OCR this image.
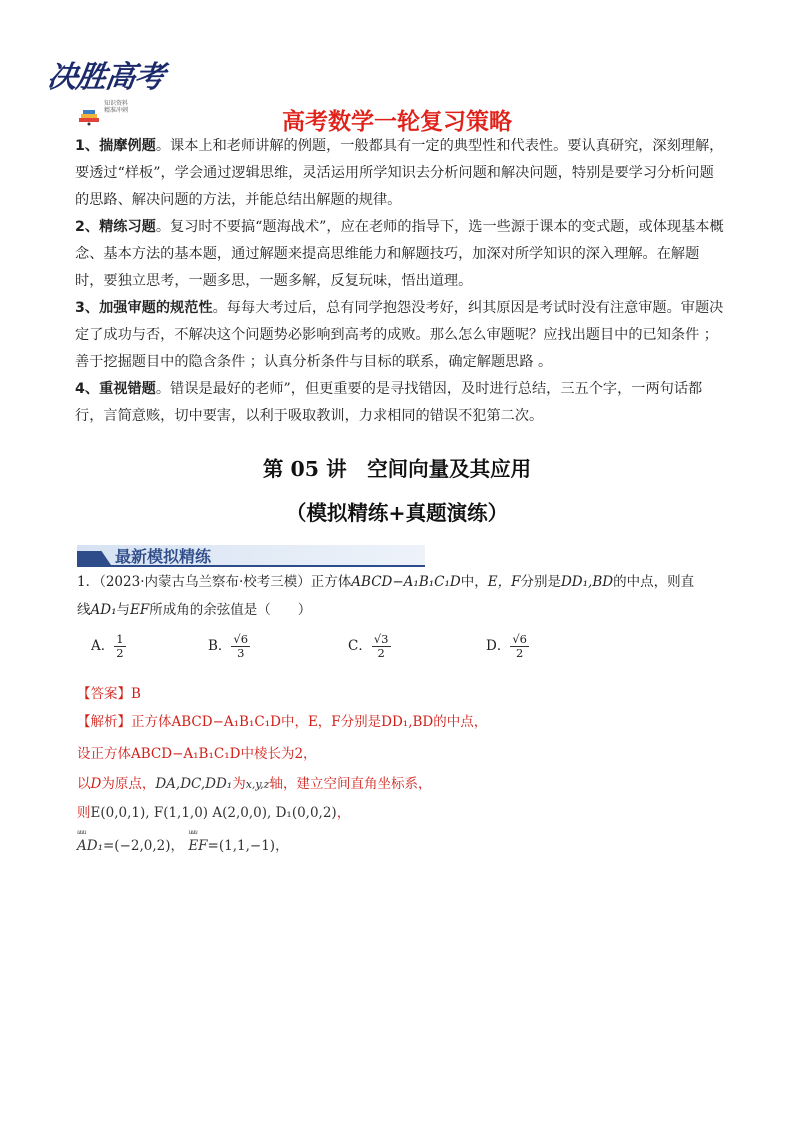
决胜高考
知识资料
精准冲刺	高考数学一轮复习策略
1、揣摩例题。课本上和老师讲解的例题，一般都具有一定的典型性和代表性。要认真研究，深刻理解，要透过“样板”，学会通过逻辑思维，灵活运用所学知识去分析问题和解决问题，特别是要学习分析问题的思路、解决问题的方法，并能总结出解题的规律。
2、精练习题。复习时不要搞“题海战术”，应在老师的指导下，选一些源于课本的变式题，或体现基本概念、基本方法的基本题，通过解题来提高思维能力和解题技巧，加深对所学知识的深入理解。在解题时，要独立思考，一题多思，一题多解，反复玩味，悟出道理。
3、加强审题的规范性。每每大考过后，总有同学抱怨没考好，纠其原因是考试时没有注意审题。审题决定了成功与否，不解决这个问题势必影响到高考的成败。那么怎么审题呢？应找出题目中的已知条件 ；善于挖掘题目中的隐含条件 ；认真分析条件与目标的联系，确定解题思路 。
4、重视错题。错误是最好的老师”，但更重要的是寻找错因，及时进行总结，三五个字，一两句话都行，言简意赅，切中要害，以利于吸取教训，力求相同的错误不犯第二次。
第 05 讲　空间向量及其应用
（模拟精练+真题演练）
最新模拟精练
1．（2023·内蒙古乌兰察布·校考三模）正方体ABCD−A₁B₁C₁D中，E，F分别是DD₁,BD的中点，则直
线AD₁与EF所成角的余弦值是（　　）
A． $\frac{1}{2}$	B． $\frac{√6}{3}$	C． $\frac{√3}{2}$	D． $\frac{√6}{2}$
【答案】B
【解析】正方体ABCD−A₁B₁C₁D中，E，F分别是DD₁,BD的中点，
设正方体ABCD−A₁B₁C₁D中棱长为2，
以D为原点，DA,DC,DD₁为x,y,z轴，建立空间直角坐标系，
则E(0,0,1), F(1,1,0) A(2,0,0), D₁(0,0,2)，
uuu AD₁=(−2,0,2)， uuu EF=(1,1,−1)，
